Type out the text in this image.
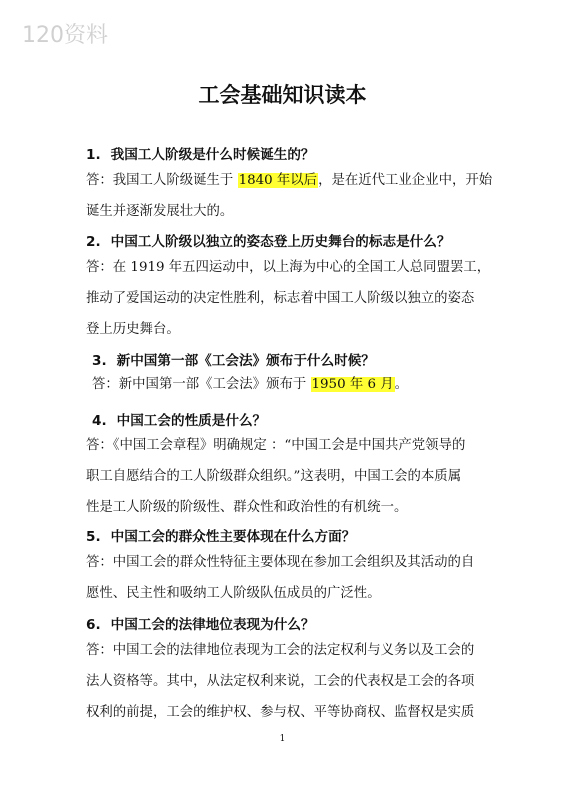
120资料
工会基础知识读本
1. 我国工人阶级是什么时候诞生的？
答：我国工人阶级诞生于 1840 年以后，是在近代工业企业中，开始
诞生并逐渐发展壮大的。
2. 中国工人阶级以独立的姿态登上历史舞台的标志是什么？
答：在 1919 年五四运动中，以上海为中心的全国工人总同盟罢工，
推动了爱国运动的决定性胜利，标志着中国工人阶级以独立的姿态
登上历史舞台。
3. 新中国第一部《工会法》颁布于什么时候？
答：新中国第一部《工会法》颁布于 1950 年 6 月。
4. 中国工会的性质是什么？
答：《中国工会章程》明确规定 ：“中国工会是中国共产党领导的
职工自愿结合的工人阶级群众组织。”这表明，中国工会的本质属
性是工人阶级的阶级性、群众性和政治性的有机统一。
5. 中国工会的群众性主要体现在什么方面？
答：中国工会的群众性特征主要体现在参加工会组织及其活动的自
愿性、民主性和吸纳工人阶级队伍成员的广泛性。
6. 中国工会的法律地位表现为什么？
答：中国工会的法律地位表现为工会的法定权利与义务以及工会的
法人资格等。其中，从法定权利来说，工会的代表权是工会的各项
权利的前提，工会的维护权、参与权、平等协商权、监督权是实质
1
